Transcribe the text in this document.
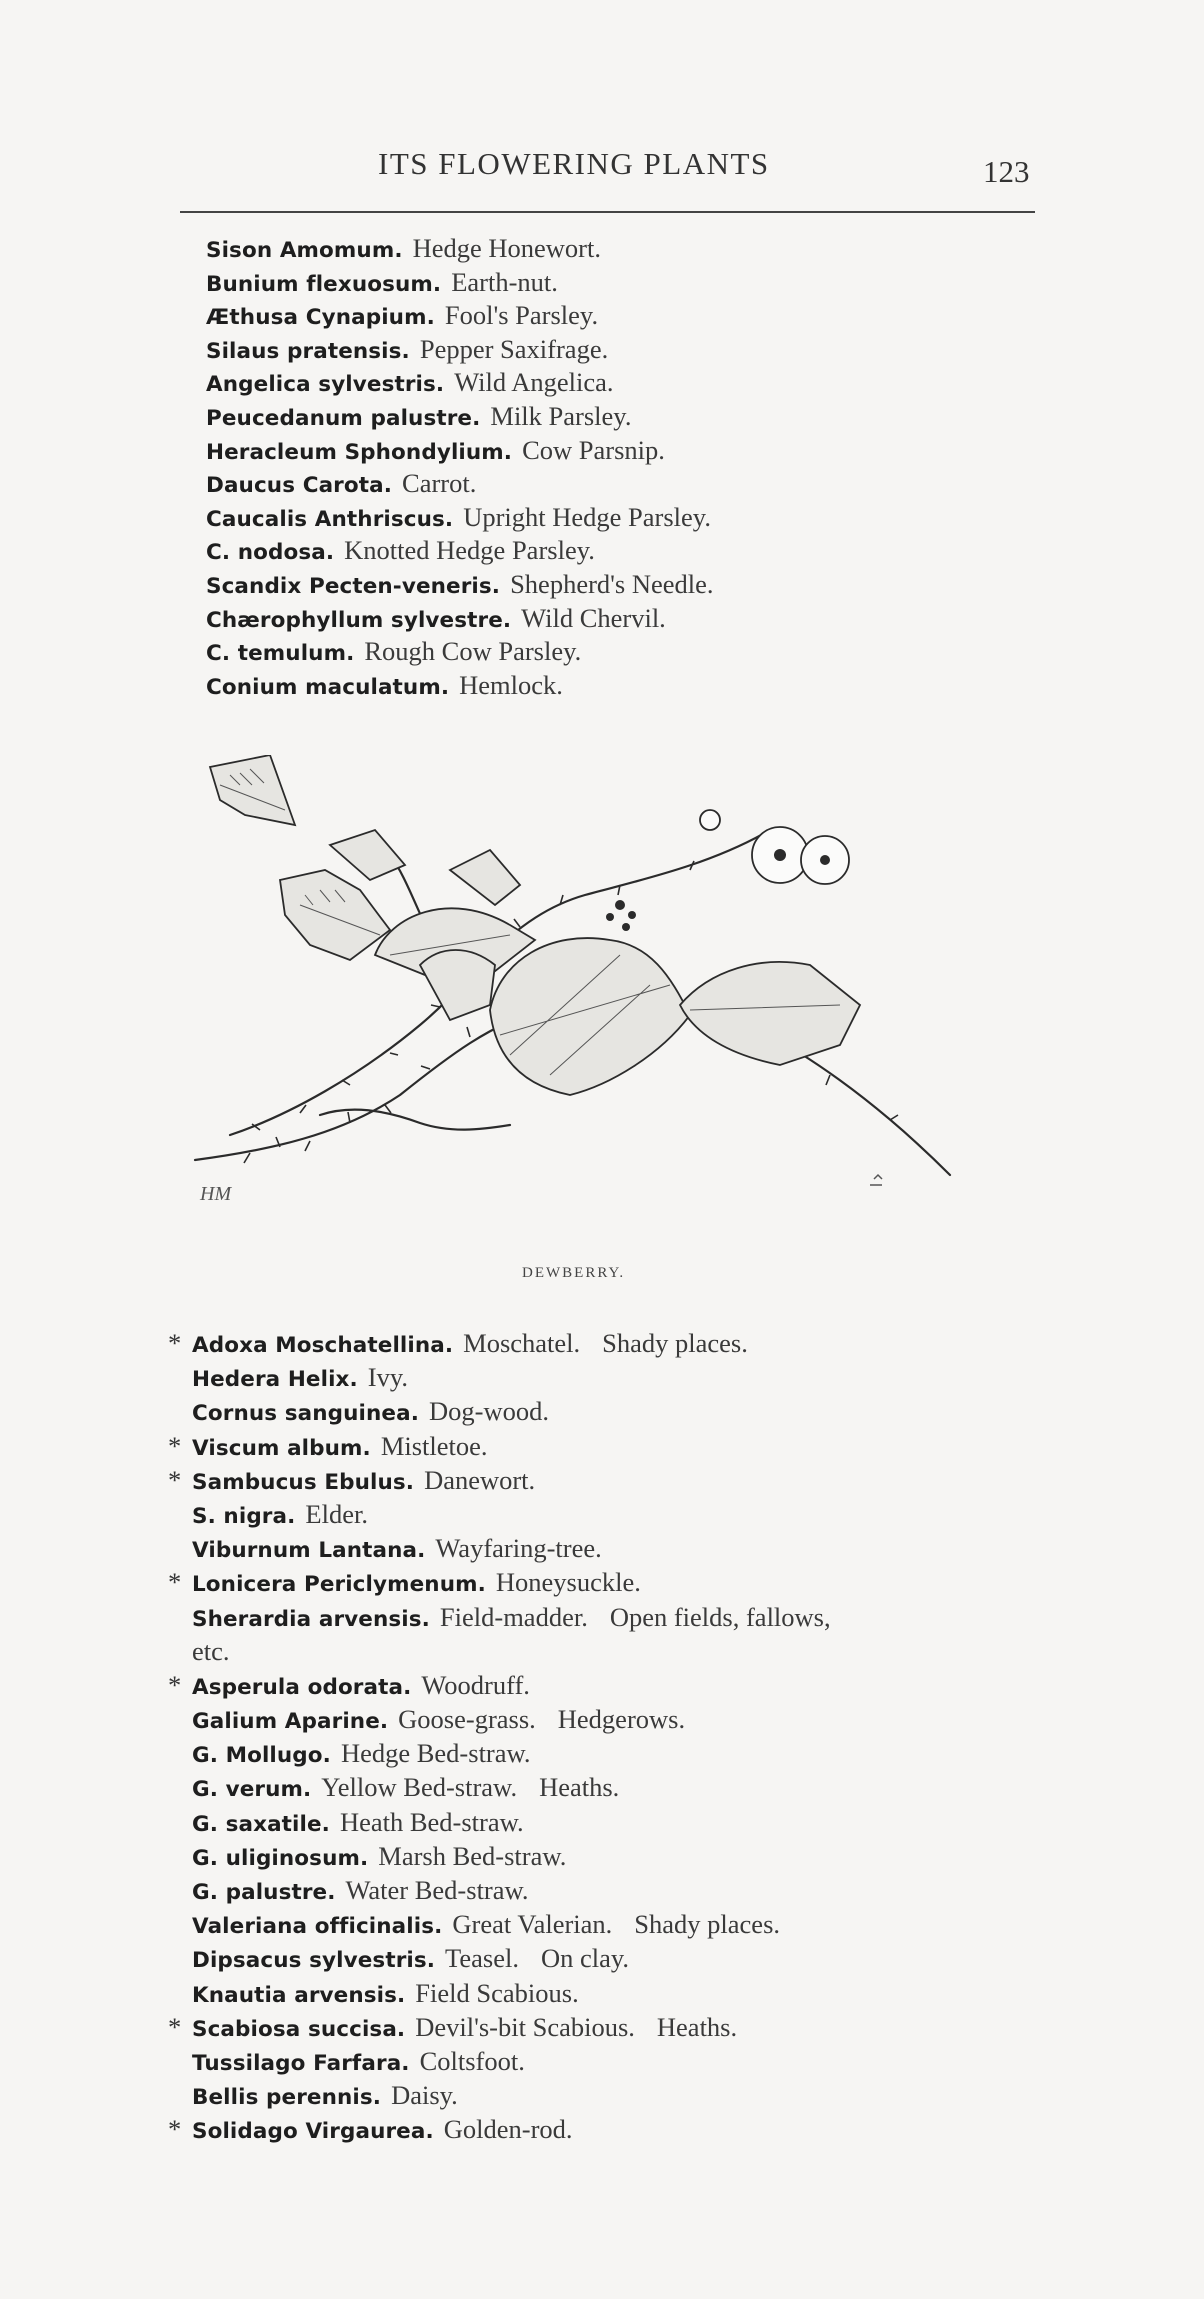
ITS FLOWERING PLANTS	123
Sison Amomum. Hedge Honewort.
Bunium flexuosum. Earth-nut.
Æthusa Cynapium. Fool's Parsley.
Silaus pratensis. Pepper Saxifrage.
Angelica sylvestris. Wild Angelica.
Peucedanum palustre. Milk Parsley.
Heracleum Sphondylium. Cow Parsnip.
Daucus Carota. Carrot.
Caucalis Anthriscus. Upright Hedge Parsley.
C. nodosa. Knotted Hedge Parsley.
Scandix Pecten-veneris. Shepherd's Needle.
Chærophyllum sylvestre. Wild Chervil.
C. temulum. Rough Cow Parsley.
Conium maculatum. Hemlock.
HM
DEWBERRY.
* Adoxa Moschatellina. Moschatel. Shady places.
Hedera Helix. Ivy.
Cornus sanguinea. Dog-wood.
* Viscum album. Mistletoe.
* Sambucus Ebulus. Danewort.
S. nigra. Elder.
Viburnum Lantana. Wayfaring-tree.
* Lonicera Periclymenum. Honeysuckle.
Sherardia arvensis. Field-madder. Open fields, fallows,
etc.
* Asperula odorata. Woodruff.
Galium Aparine. Goose-grass. Hedgerows.
G. Mollugo. Hedge Bed-straw.
G. verum. Yellow Bed-straw. Heaths.
G. saxatile. Heath Bed-straw.
G. uliginosum. Marsh Bed-straw.
G. palustre. Water Bed-straw.
Valeriana officinalis. Great Valerian. Shady places.
Dipsacus sylvestris. Teasel. On clay.
Knautia arvensis. Field Scabious.
* Scabiosa succisa. Devil's-bit Scabious. Heaths.
Tussilago Farfara. Coltsfoot.
Bellis perennis. Daisy.
* Solidago Virgaurea. Golden-rod.
